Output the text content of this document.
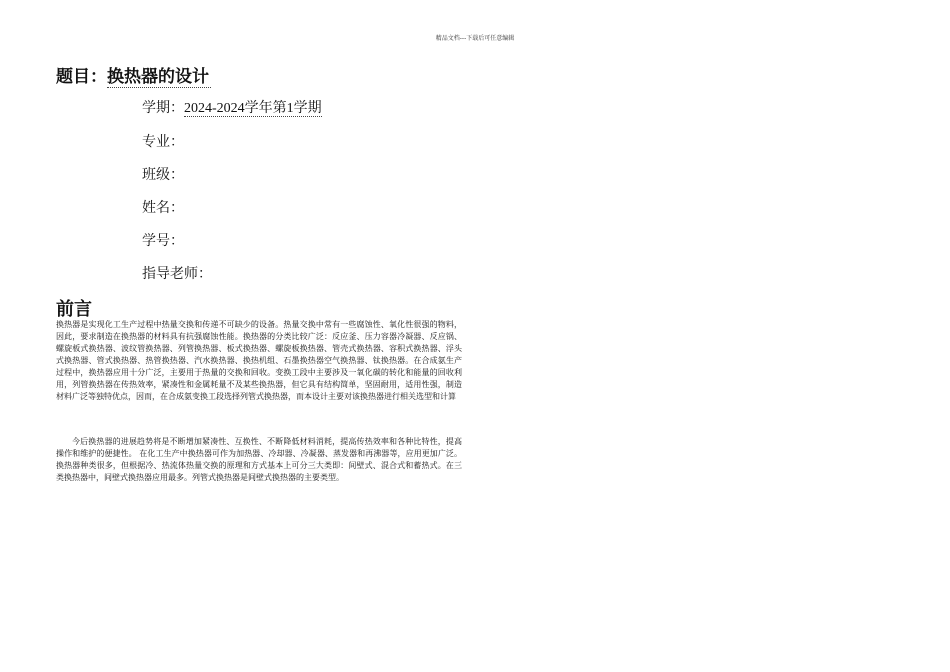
精品文档---下载后可任意编辑
题目：换热器的设计
学期：2024-2024学年第1学期
专业：
班级：
姓名：
学号：
指导老师：
前言
换热器是实现化工生产过程中热量交换和传递不可缺少的设备。热量交换中常有一些腐蚀性、氧化性很强的物料，因此，要求制造在换热器的材料具有抗强腐蚀性能。换热器的分类比较广泛：反应釜、压力容器冷凝器、反应锅、螺旋板式换热器、波纹管换热器、列管换热器、板式换热器、螺旋板换热器、管壳式换热器、容积式换热器、浮头式换热器、管式换热器、热管换热器、汽水换热器、换热机组、石墨换热器空气换热器、钛换热器。在合成氨生产过程中，换热器应用十分广泛，主要用于热量的交换和回收。变换工段中主要涉及一氧化碳的转化和能量的回收利用，列管换热器在传热效率，紧凑性和金属耗量不及某些换热器，但它具有结构简单，坚固耐用，适用性强，制造材料广泛等独特优点，因而，在合成氨变换工段选择列管式换热器，而本设计主要对该换热器进行相关选型和计算
今后换热器的进展趋势将是不断增加紧凑性、互换性、不断降低材料消耗，提高传热效率和各种比特性，提高操作和维护的便捷性。 在化工生产中换热器可作为加热器、冷却器、冷凝器、蒸发器和再沸器等，应用更加广泛。换热器种类很多，但根据冷、热流体热量交换的原理和方式基本上可分三大类即：间壁式、混合式和蓄热式。在三类换热器中，间壁式换热器应用最多。列管式换热器是间壁式换热器的主要类型。
